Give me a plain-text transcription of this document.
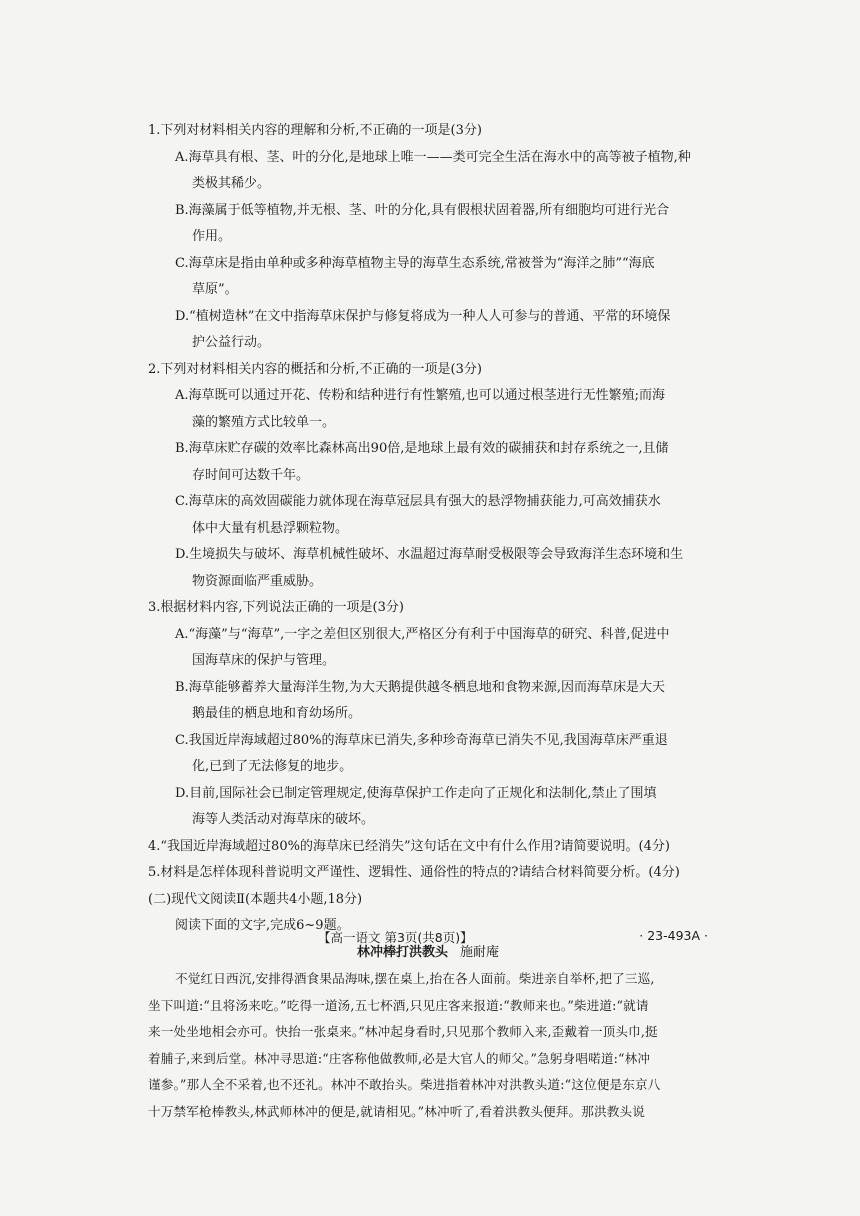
1.下列对材料相关内容的理解和分析,不正确的一项是(3分)
A.海草具有根、茎、叶的分化,是地球上唯一——类可完全生活在海水中的高等被子植物,种
类极其稀少。
B.海藻属于低等植物,并无根、茎、叶的分化,具有假根状固着器,所有细胞均可进行光合
作用。
C.海草床是指由单种或多种海草植物主导的海草生态系统,常被誉为“海洋之肺”“海底
草原”。
D.“植树造林”在文中指海草床保护与修复将成为一种人人可参与的普通、平常的环境保
护公益行动。
2.下列对材料相关内容的概括和分析,不正确的一项是(3分)
A.海草既可以通过开花、传粉和结种进行有性繁殖,也可以通过根茎进行无性繁殖;而海
藻的繁殖方式比较单一。
B.海草床贮存碳的效率比森林高出90倍,是地球上最有效的碳捕获和封存系统之一,且储
存时间可达数千年。
C.海草床的高效固碳能力就体现在海草冠层具有强大的悬浮物捕获能力,可高效捕获水
体中大量有机悬浮颗粒物。
D.生境损失与破坏、海草机械性破坏、水温超过海草耐受极限等会导致海洋生态环境和生
物资源面临严重威胁。
3.根据材料内容,下列说法正确的一项是(3分)
A.“海藻”与“海草”,一字之差但区别很大,严格区分有利于中国海草的研究、科普,促进中
国海草床的保护与管理。
B.海草能够蓄养大量海洋生物,为大天鹅提供越冬栖息地和食物来源,因而海草床是大天
鹅最佳的栖息地和育幼场所。
C.我国近岸海域超过80%的海草床已消失,多种珍奇海草已消失不见,我国海草床严重退
化,已到了无法修复的地步。
D.目前,国际社会已制定管理规定,使海草保护工作走向了正规化和法制化,禁止了围填
海等人类活动对海草床的破坏。
4.“我国近岸海域超过80%的海草床已经消失”这句话在文中有什么作用?请简要说明。(4分)
5.材料是怎样体现科普说明文严谨性、逻辑性、通俗性的特点的?请结合材料简要分析。(4分)
(二)现代文阅读Ⅱ(本题共4小题,18分)
阅读下面的文字,完成6~9题。
林冲棒打洪教头 施耐庵
不觉红日西沉,安排得酒食果品海味,摆在桌上,抬在各人面前。柴进亲自举杯,把了三巡,
坐下叫道:“且将汤来吃。”吃得一道汤,五七杯酒,只见庄客来报道:“教师来也。”柴进道:“就请
来一处坐地相会亦可。快抬一张桌来。”林冲起身看时,只见那个教师入来,歪戴着一顶头巾,挺
着脯子,来到后堂。林冲寻思道:“庄客称他做教师,必是大官人的师父。”急躬身唱喏道:“林冲
谨参。”那人全不采着,也不还礼。林冲不敢抬头。柴进指着林冲对洪教头道:“这位便是东京八
十万禁军枪棒教头,林武师林冲的便是,就请相见。”林冲听了,看着洪教头便拜。那洪教头说
【高一语文 第3页(共8页)】	· 23-493A ·
